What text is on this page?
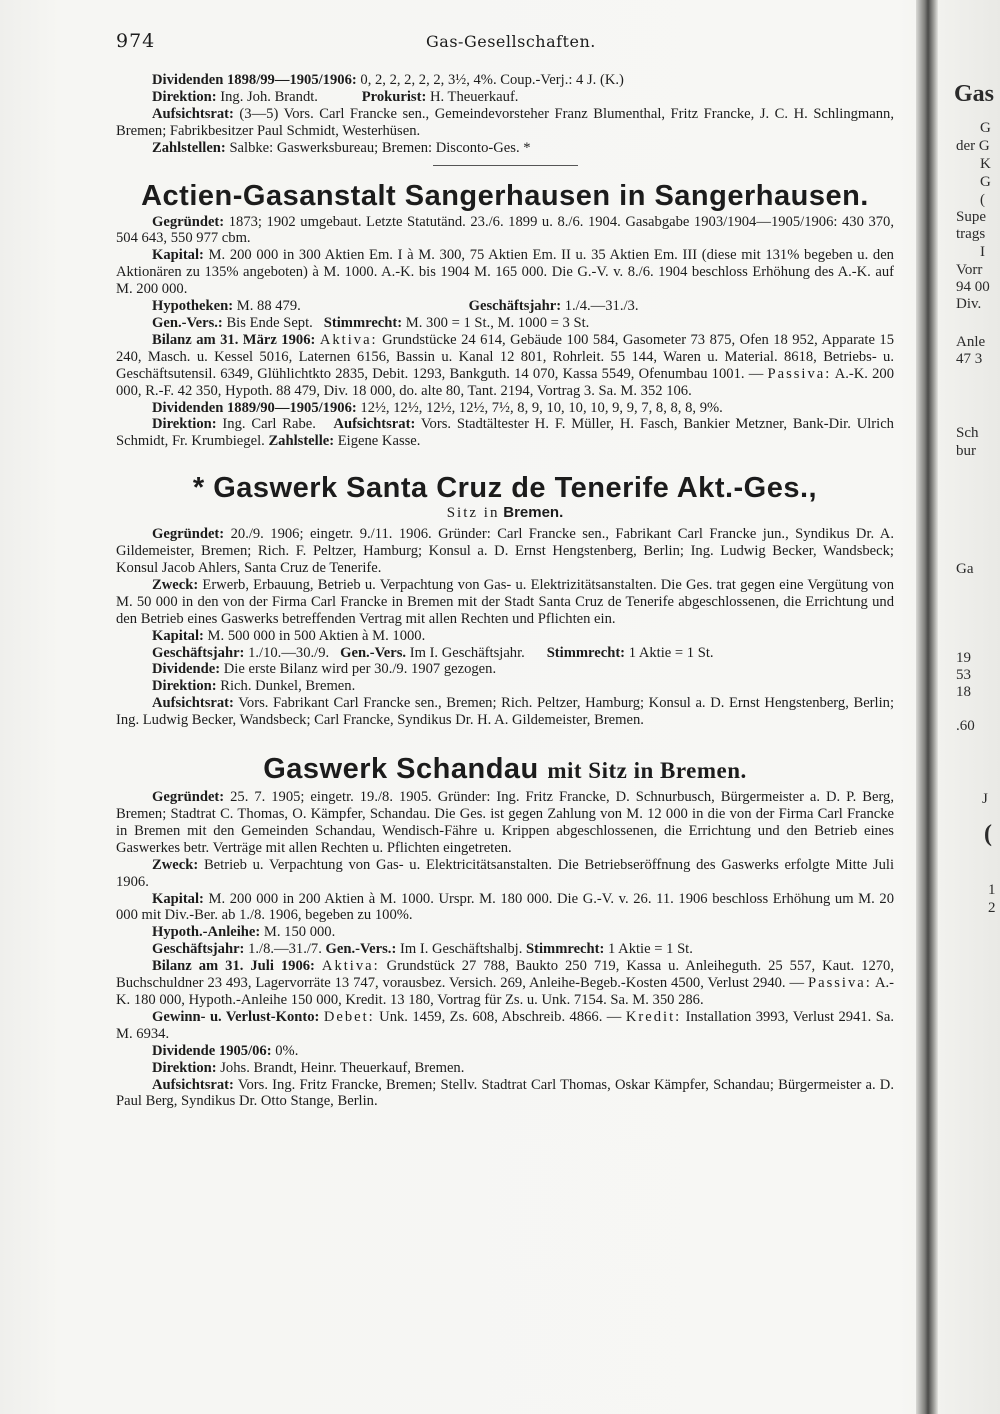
Gas
G
der G
K
G
(
Supe
trags
I
Vorr
94 00
Div.
Anle
47 3
Sch
bur
Ga
19
53
18
.60
J
(
1
2
974	Gas-Gesellschaften.

Dividenden 1898/99—1905/1906: 0, 2, 2, 2, 2, 2, 3½, 4%. Coup.-Verj.: 4 J. (K.)

Direktion: Ing. Joh. Brandt.	Prokurist: H. Theuerkauf.

Aufsichtsrat: (3—5) Vors. Carl Francke sen., Gemeindevorsteher Franz Blumenthal, Fritz Francke, J. C. H. Schlingmann, Bremen; Fabrikbesitzer Paul Schmidt, Westerhüsen.

Zahlstellen: Salbke: Gaswerksbureau; Bremen: Disconto-Ges. *

Actien-Gasanstalt Sangerhausen in Sangerhausen.

Gegründet: 1873; 1902 umgebaut. Letzte Statutänd. 23./6. 1899 u. 8./6. 1904. Gasabgabe 1903/1904—1905/1906: 430 370, 504 643, 550 977 cbm.

Kapital: M. 200 000 in 300 Aktien Em. I à M. 300, 75 Aktien Em. II u. 35 Aktien Em. III (diese mit 131% begeben u. den Aktionären zu 135% angeboten) à M. 1000. A.-K. bis 1904 M. 165 000. Die G.-V. v. 8./6. 1904 beschloss Erhöhung des A.-K. auf M. 200 000.

Hypotheken: M. 88 479.	Geschäftsjahr: 1./4.—31./3.

Gen.-Vers.: Bis Ende Sept. Stimmrecht: M. 300 = 1 St., M. 1000 = 3 St.

Bilanz am 31. März 1906: Aktiva: Grundstücke 24 614, Gebäude 100 584, Gasometer 73 875, Ofen 18 952, Apparate 15 240, Masch. u. Kessel 5016, Laternen 6156, Bassin u. Kanal 12 801, Rohrleit. 55 144, Waren u. Material. 8618, Betriebs- u. Geschäftsutensil. 6349, Glühlichtkto 2835, Debit. 1293, Bankguth. 14 070, Kassa 5549, Ofenumbau 1001. — Passiva: A.-K. 200 000, R.-F. 42 350, Hypoth. 88 479, Div. 18 000, do. alte 80, Tant. 2194, Vortrag 3. Sa. M. 352 106.

Dividenden 1889/90—1905/1906: 12½, 12½, 12½, 12½, 7½, 8, 9, 10, 10, 10, 9, 9, 7, 8, 8, 8, 9%.

Direktion: Ing. Carl Rabe. Aufsichtsrat: Vors. Stadtältester H. F. Müller, H. Fasch, Bankier Metzner, Bank-Dir. Ulrich Schmidt, Fr. Krumbiegel. Zahlstelle: Eigene Kasse.

* Gaswerk Santa Cruz de Tenerife Akt.-Ges.,

Sitz in Bremen.

Gegründet: 20./9. 1906; eingetr. 9./11. 1906. Gründer: Carl Francke sen., Fabrikant Carl Francke jun., Syndikus Dr. A. Gildemeister, Bremen; Rich. F. Peltzer, Hamburg; Konsul a. D. Ernst Hengstenberg, Berlin; Ing. Ludwig Becker, Wandsbeck; Konsul Jacob Ahlers, Santa Cruz de Tenerife.

Zweck: Erwerb, Erbauung, Betrieb u. Verpachtung von Gas- u. Elektrizitätsanstalten. Die Ges. trat gegen eine Vergütung von M. 50 000 in den von der Firma Carl Francke in Bremen mit der Stadt Santa Cruz de Tenerife abgeschlossenen, die Errichtung und den Betrieb eines Gaswerks betreffenden Vertrag mit allen Rechten und Pflichten ein.

Kapital: M. 500 000 in 500 Aktien à M. 1000.

Geschäftsjahr: 1./10.—30./9. Gen.-Vers. Im I. Geschäftsjahr. Stimmrecht: 1 Aktie = 1 St.

Dividende: Die erste Bilanz wird per 30./9. 1907 gezogen.

Direktion: Rich. Dunkel, Bremen.

Aufsichtsrat: Vors. Fabrikant Carl Francke sen., Bremen; Rich. Peltzer, Hamburg; Konsul a. D. Ernst Hengstenberg, Berlin; Ing. Ludwig Becker, Wandsbeck; Carl Francke, Syndikus Dr. H. A. Gildemeister, Bremen.

Gaswerk Schandau mit Sitz in Bremen.

Gegründet: 25. 7. 1905; eingetr. 19./8. 1905. Gründer: Ing. Fritz Francke, D. Schnurbusch, Bürgermeister a. D. P. Berg, Bremen; Stadtrat C. Thomas, O. Kämpfer, Schandau. Die Ges. ist gegen Zahlung von M. 12 000 in die von der Firma Carl Francke in Bremen mit den Gemeinden Schandau, Wendisch-Fähre u. Krippen abgeschlossenen, die Errichtung und den Betrieb eines Gaswerkes betr. Verträge mit allen Rechten u. Pflichten eingetreten.

Zweck: Betrieb u. Verpachtung von Gas- u. Elektricitätsanstalten. Die Betriebseröffnung des Gaswerks erfolgte Mitte Juli 1906.

Kapital: M. 200 000 in 200 Aktien à M. 1000. Urspr. M. 180 000. Die G.-V. v. 26. 11. 1906 beschloss Erhöhung um M. 20 000 mit Div.-Ber. ab 1./8. 1906, begeben zu 100%.

Hypoth.-Anleihe: M. 150 000.

Geschäftsjahr: 1./8.—31./7. Gen.-Vers.: Im I. Geschäftshalbj. Stimmrecht: 1 Aktie = 1 St.

Bilanz am 31. Juli 1906: Aktiva: Grundstück 27 788, Baukto 250 719, Kassa u. Anleiheguth. 25 557, Kaut. 1270, Buchschuldner 23 493, Lagervorräte 13 747, vorausbez. Versich. 269, Anleihe-Begeb.-Kosten 4500, Verlust 2940. — Passiva: A.-K. 180 000, Hypoth.-Anleihe 150 000, Kredit. 13 180, Vortrag für Zs. u. Unk. 7154. Sa. M. 350 286.

Gewinn- u. Verlust-Konto: Debet: Unk. 1459, Zs. 608, Abschreib. 4866. — Kredit: Installation 3993, Verlust 2941. Sa. M. 6934.

Dividende 1905/06: 0%.

Direktion: Johs. Brandt, Heinr. Theuerkauf, Bremen.

Aufsichtsrat: Vors. Ing. Fritz Francke, Bremen; Stellv. Stadtrat Carl Thomas, Oskar Kämpfer, Schandau; Bürgermeister a. D. Paul Berg, Syndikus Dr. Otto Stange, Berlin.
